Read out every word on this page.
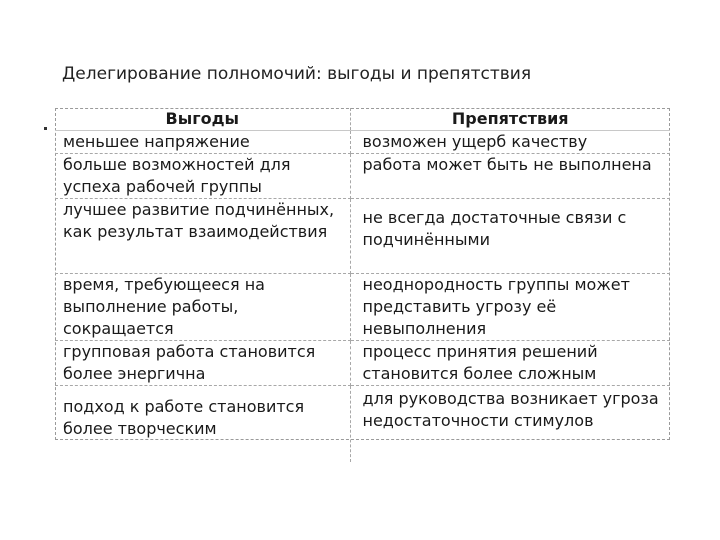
Делегирование полномочий: выгоды и препятствия
Выгоды	Препятствия
меньшее напряжение	возможен ущерб качеству
больше возможностей для успеха рабочей группы	работа может быть не выполнена
лучшее развитие подчинённых, как результат взаимодействия	не всегда достаточные связи с подчинёнными
время, требующееся на выполнение работы, сокращается	неоднородность группы может представить угрозу её невыполнения
групповая работа становится более энергична	процесс принятия решений становится более сложным
подход к работе становится более творческим	для руководства возникает угроза недостаточности стимулов
